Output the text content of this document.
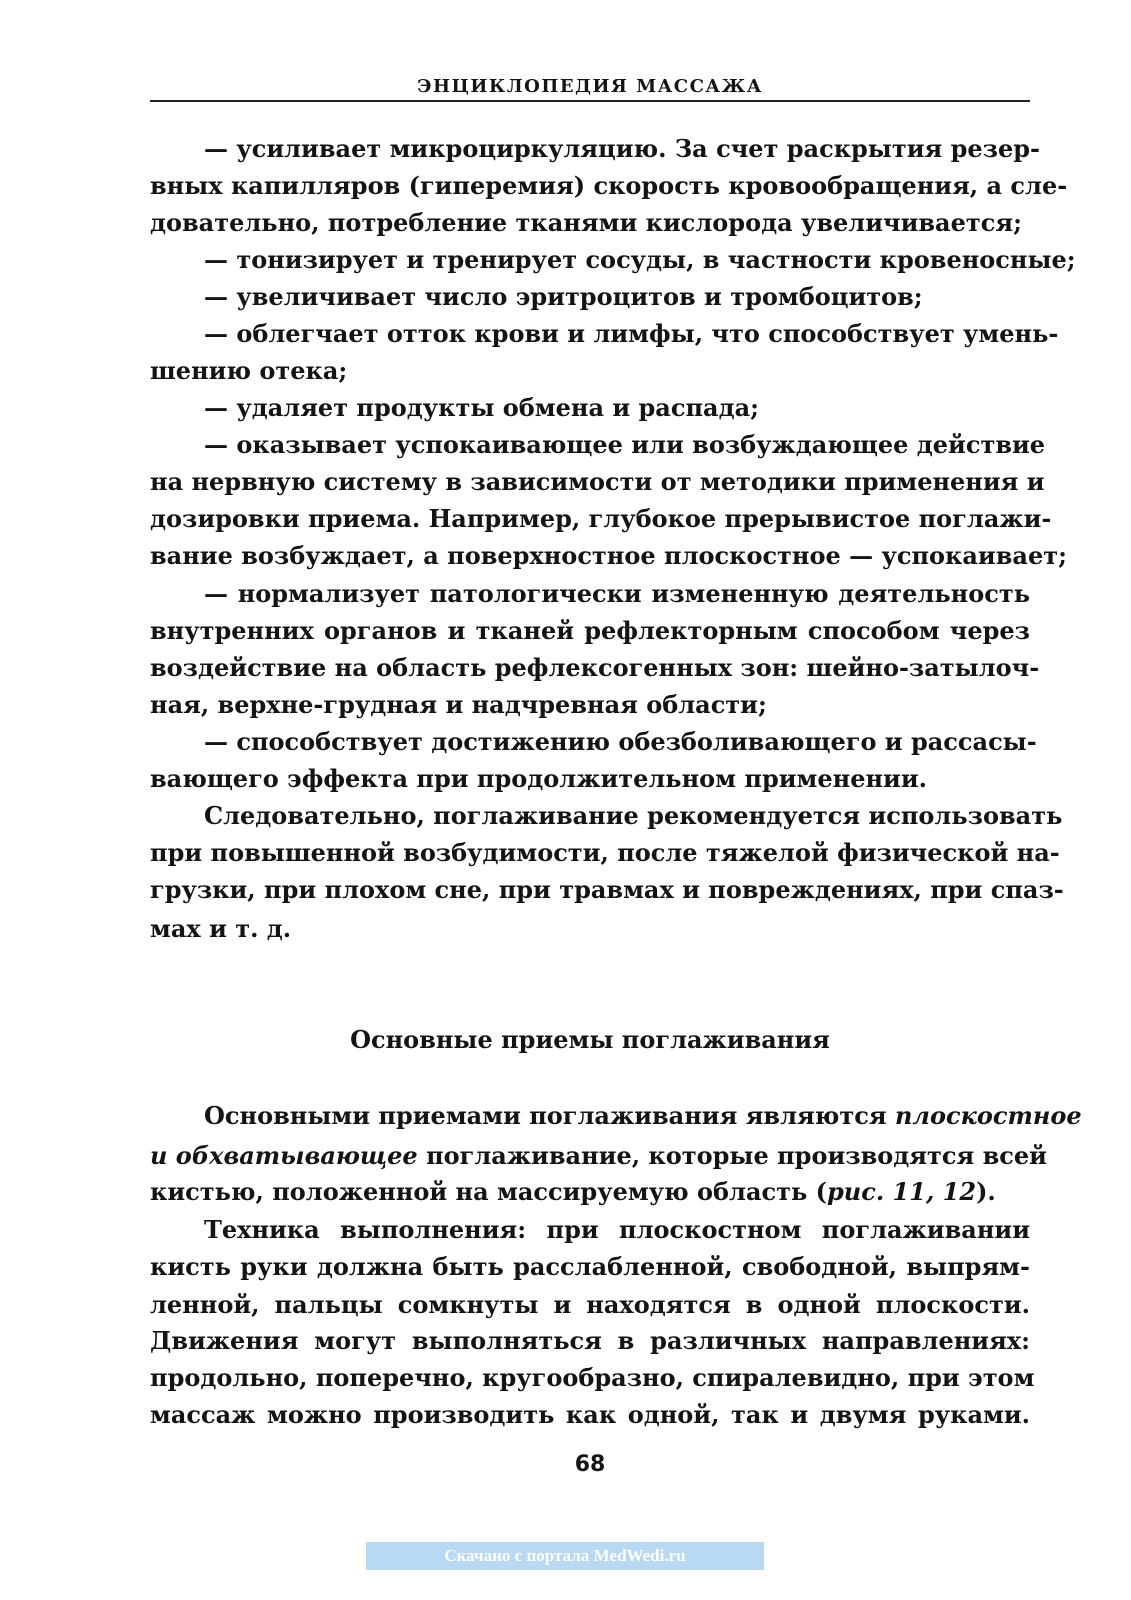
ЭНЦИКЛОПЕДИЯ МАССАЖА
— усиливает микроциркуляцию. За счет раскрытия резер-
вных капилляров (гиперемия) скорость кровообращения, а сле-
довательно, потребление тканями кислорода увеличивается;
— тонизирует и тренирует сосуды, в частности кровеносные;
— увеличивает число эритроцитов и тромбоцитов;
— облегчает отток крови и лимфы, что способствует умень-
шению отека;
— удаляет продукты обмена и распада;
— оказывает успокаивающее или возбуждающее действие
на нервную систему в зависимости от методики применения и
дозировки приема. Например, глубокое прерывистое поглажи-
вание возбуждает, а поверхностное плоскостное — успокаивает;
— нормализует патологически измененную деятельность
внутренних органов и тканей рефлекторным способом через
воздействие на область рефлексогенных зон: шейно-затылоч-
ная, верхне-грудная и надчревная области;
— способствует достижению обезболивающего и рассасы-
вающего эффекта при продолжительном применении.
Следовательно, поглаживание рекомендуется использовать
при повышенной возбудимости, после тяжелой физической на-
грузки, при плохом сне, при травмах и повреждениях, при спаз-
мах и т. д.
Основные приемы поглаживания
Основными приемами поглаживания являются плоскостное
и обхватывающее поглаживание, которые производятся всей
кистью, положенной на массируемую область (рис. 11, 12).
Техника выполнения: при плоскостном поглаживании
кисть руки должна быть расслабленной, свободной, выпрям-
ленной, пальцы сомкнуты и находятся в одной плоскости.
Движения могут выполняться в различных направлениях:
продольно, поперечно, кругообразно, спиралевидно, при этом
массаж можно производить как одной, так и двумя руками.
68
Скачано с портала MedWedi.ru
